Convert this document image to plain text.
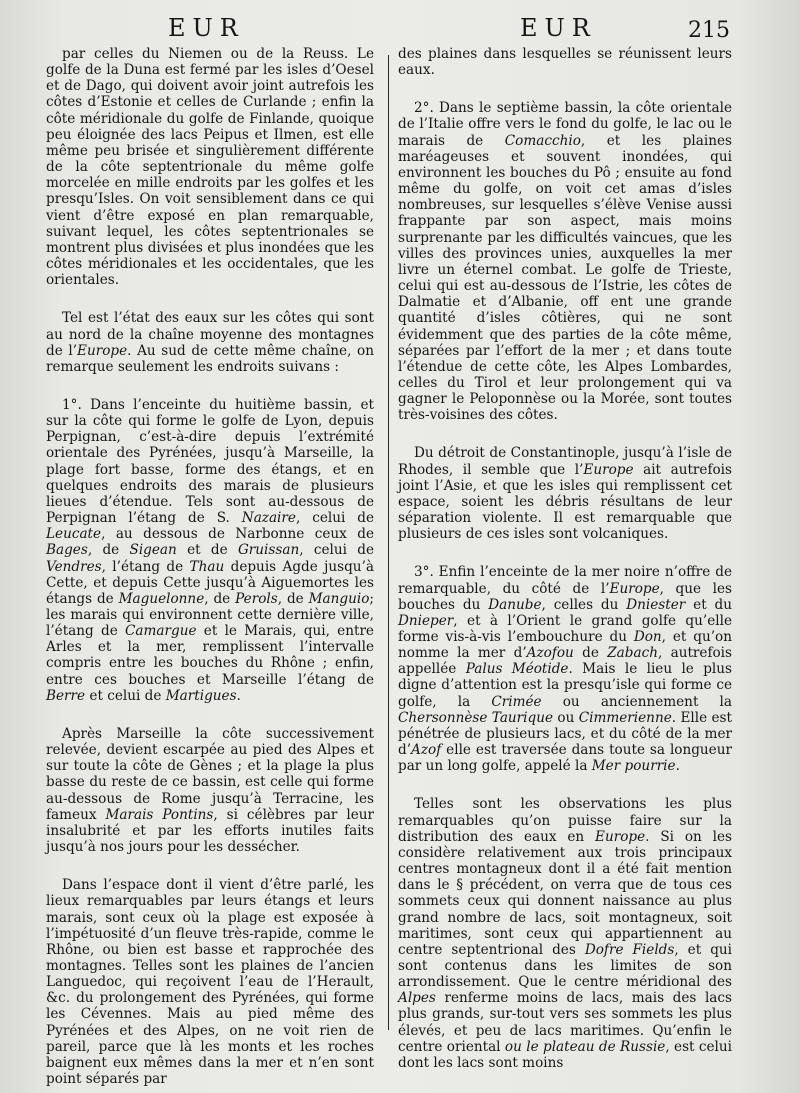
EUR	EUR	215

par celles du Niemen ou de la Reuss. Le golfe de la Duna est fermé par les isles d’Oesel et de Dago, qui doivent avoir joint autrefois les côtes d’Estonie et celles de Curlande ; enfin la côte méridionale du golfe de Finlande, quoique peu éloignée des lacs Peipus et Ilmen, est elle même peu brisée et singulièrement différente de la côte septentrionale du même golfe morcelée en mille endroits par les golfes et les presqu’Isles. On voit sensiblement dans ce qui vient d’être exposé en plan remarquable, suivant lequel, les côtes septentrionales se montrent plus divisées et plus inondées que les côtes méridionales et les occidentales, que les orientales.

Tel est l’état des eaux sur les côtes qui sont au nord de la chaîne moyenne des montagnes de l’Europe. Au sud de cette même chaîne, on remarque seulement les endroits suivans :

1°. Dans l’enceinte du huitième bassin, et sur la côte qui forme le golfe de Lyon, depuis Perpignan, c’est-à-dire depuis l’extrémité orientale des Pyrénées, jusqu’à Marseille, la plage fort basse, forme des étangs, et en quelques endroits des marais de plusieurs lieues d’étendue. Tels sont au-dessous de Perpignan l’étang de S. Nazaire, celui de Leucate, au dessous de Narbonne ceux de Bages, de Sigean et de Gruissan, celui de Vendres, l’étang de Thau depuis Agde jusqu’à Cette, et depuis Cette jusqu’à Aiguemortes les étangs de Maguelonne, de Perols, de Manguio; les marais qui environnent cette dernière ville, l’étang de Camargue et le Marais, qui, entre Arles et la mer, remplissent l’intervalle compris entre les bouches du Rhône ; enfin, entre ces bouches et Marseille l’étang de Berre et celui de Martigues.

Après Marseille la côte successivement relevée, devient escarpée au pied des Alpes et sur toute la côte de Gènes ; et la plage la plus basse du reste de ce bassin, est celle qui forme au-dessous de Rome jusqu’à Terracine, les fameux Marais Pontins, si célèbres par leur insalubrité et par les efforts inutiles faits jusqu’à nos jours pour les dessécher.

Dans l’espace dont il vient d’être parlé, les lieux remarquables par leurs étangs et leurs marais, sont ceux où la plage est exposée à l’impétuosité d’un fleuve très-rapide, comme le Rhône, ou bien est basse et rapprochée des montagnes. Telles sont les plaines de l’ancien Languedoc, qui reçoivent l’eau de l’Herault, &c. du prolongement des Pyrénées, qui forme les Cévennes. Mais au pied même des Pyrénées et des Alpes, on ne voit rien de pareil, parce que là les monts et les roches baignent eux mêmes dans la mer et n’en sont point séparés par

des plaines dans lesquelles se réunissent leurs eaux.

2°. Dans le septième bassin, la côte orientale de l’Italie offre vers le fond du golfe, le lac ou le marais de Comacchio, et les plaines maréageuses et souvent inondées, qui environnent les bouches du Pô ; ensuite au fond même du golfe, on voit cet amas d’isles nombreuses, sur lesquelles s’élève Venise aussi frappante par son aspect, mais moins surprenante par les difficultés vaincues, que les villes des provinces unies, auxquelles la mer livre un éternel combat. Le golfe de Trieste, celui qui est au-dessous de l’Istrie, les côtes de Dalmatie et d’Albanie, off ent une grande quantité d’isles côtières, qui ne sont évidemment que des parties de la côte même, séparées par l’effort de la mer ; et dans toute l’étendue de cette côte, les Alpes Lombardes, celles du Tirol et leur prolongement qui va gagner le Peloponnèse ou la Morée, sont toutes très-voisines des côtes.

Du détroit de Constantinople, jusqu’à l’isle de Rhodes, il semble que l’Europe ait autrefois joint l’Asie, et que les isles qui remplissent cet espace, soient les débris résultans de leur séparation violente. Il est remarquable que plusieurs de ces isles sont volcaniques.

3°. Enfin l’enceinte de la mer noire n’offre de remarquable, du côté de l’Europe, que les bouches du Danube, celles du Dniester et du Dnieper, et à l’Orient le grand golfe qu’elle forme vis-à-vis l’embouchure du Don, et qu’on nomme la mer d’Azofou de Zabach, autrefois appellée Palus Méotide. Mais le lieu le plus digne d’attention est la presqu’isle qui forme ce golfe, la Crimée ou anciennement la Chersonnèse Taurique ou Cimmerienne. Elle est pénétrée de plusieurs lacs, et du côté de la mer d’Azof elle est traversée dans toute sa longueur par un long golfe, appelé la Mer pourrie.

Telles sont les observations les plus remarquables qu’on puisse faire sur la distribution des eaux en Europe. Si on les considère relativement aux trois principaux centres montagneux dont il a été fait mention dans le § précédent, on verra que de tous ces sommets ceux qui donnent naissance au plus grand nombre de lacs, soit montagneux, soit maritimes, sont ceux qui appartiennent au centre septentrional des Dofre Fields, et qui sont contenus dans les limites de son arrondissement. Que le centre méridional des Alpes renferme moins de lacs, mais des lacs plus grands, sur-tout vers ses sommets les plus élevés, et peu de lacs maritimes. Qu’enfin le centre oriental ou le plateau de Russie, est celui dont les lacs sont moins
